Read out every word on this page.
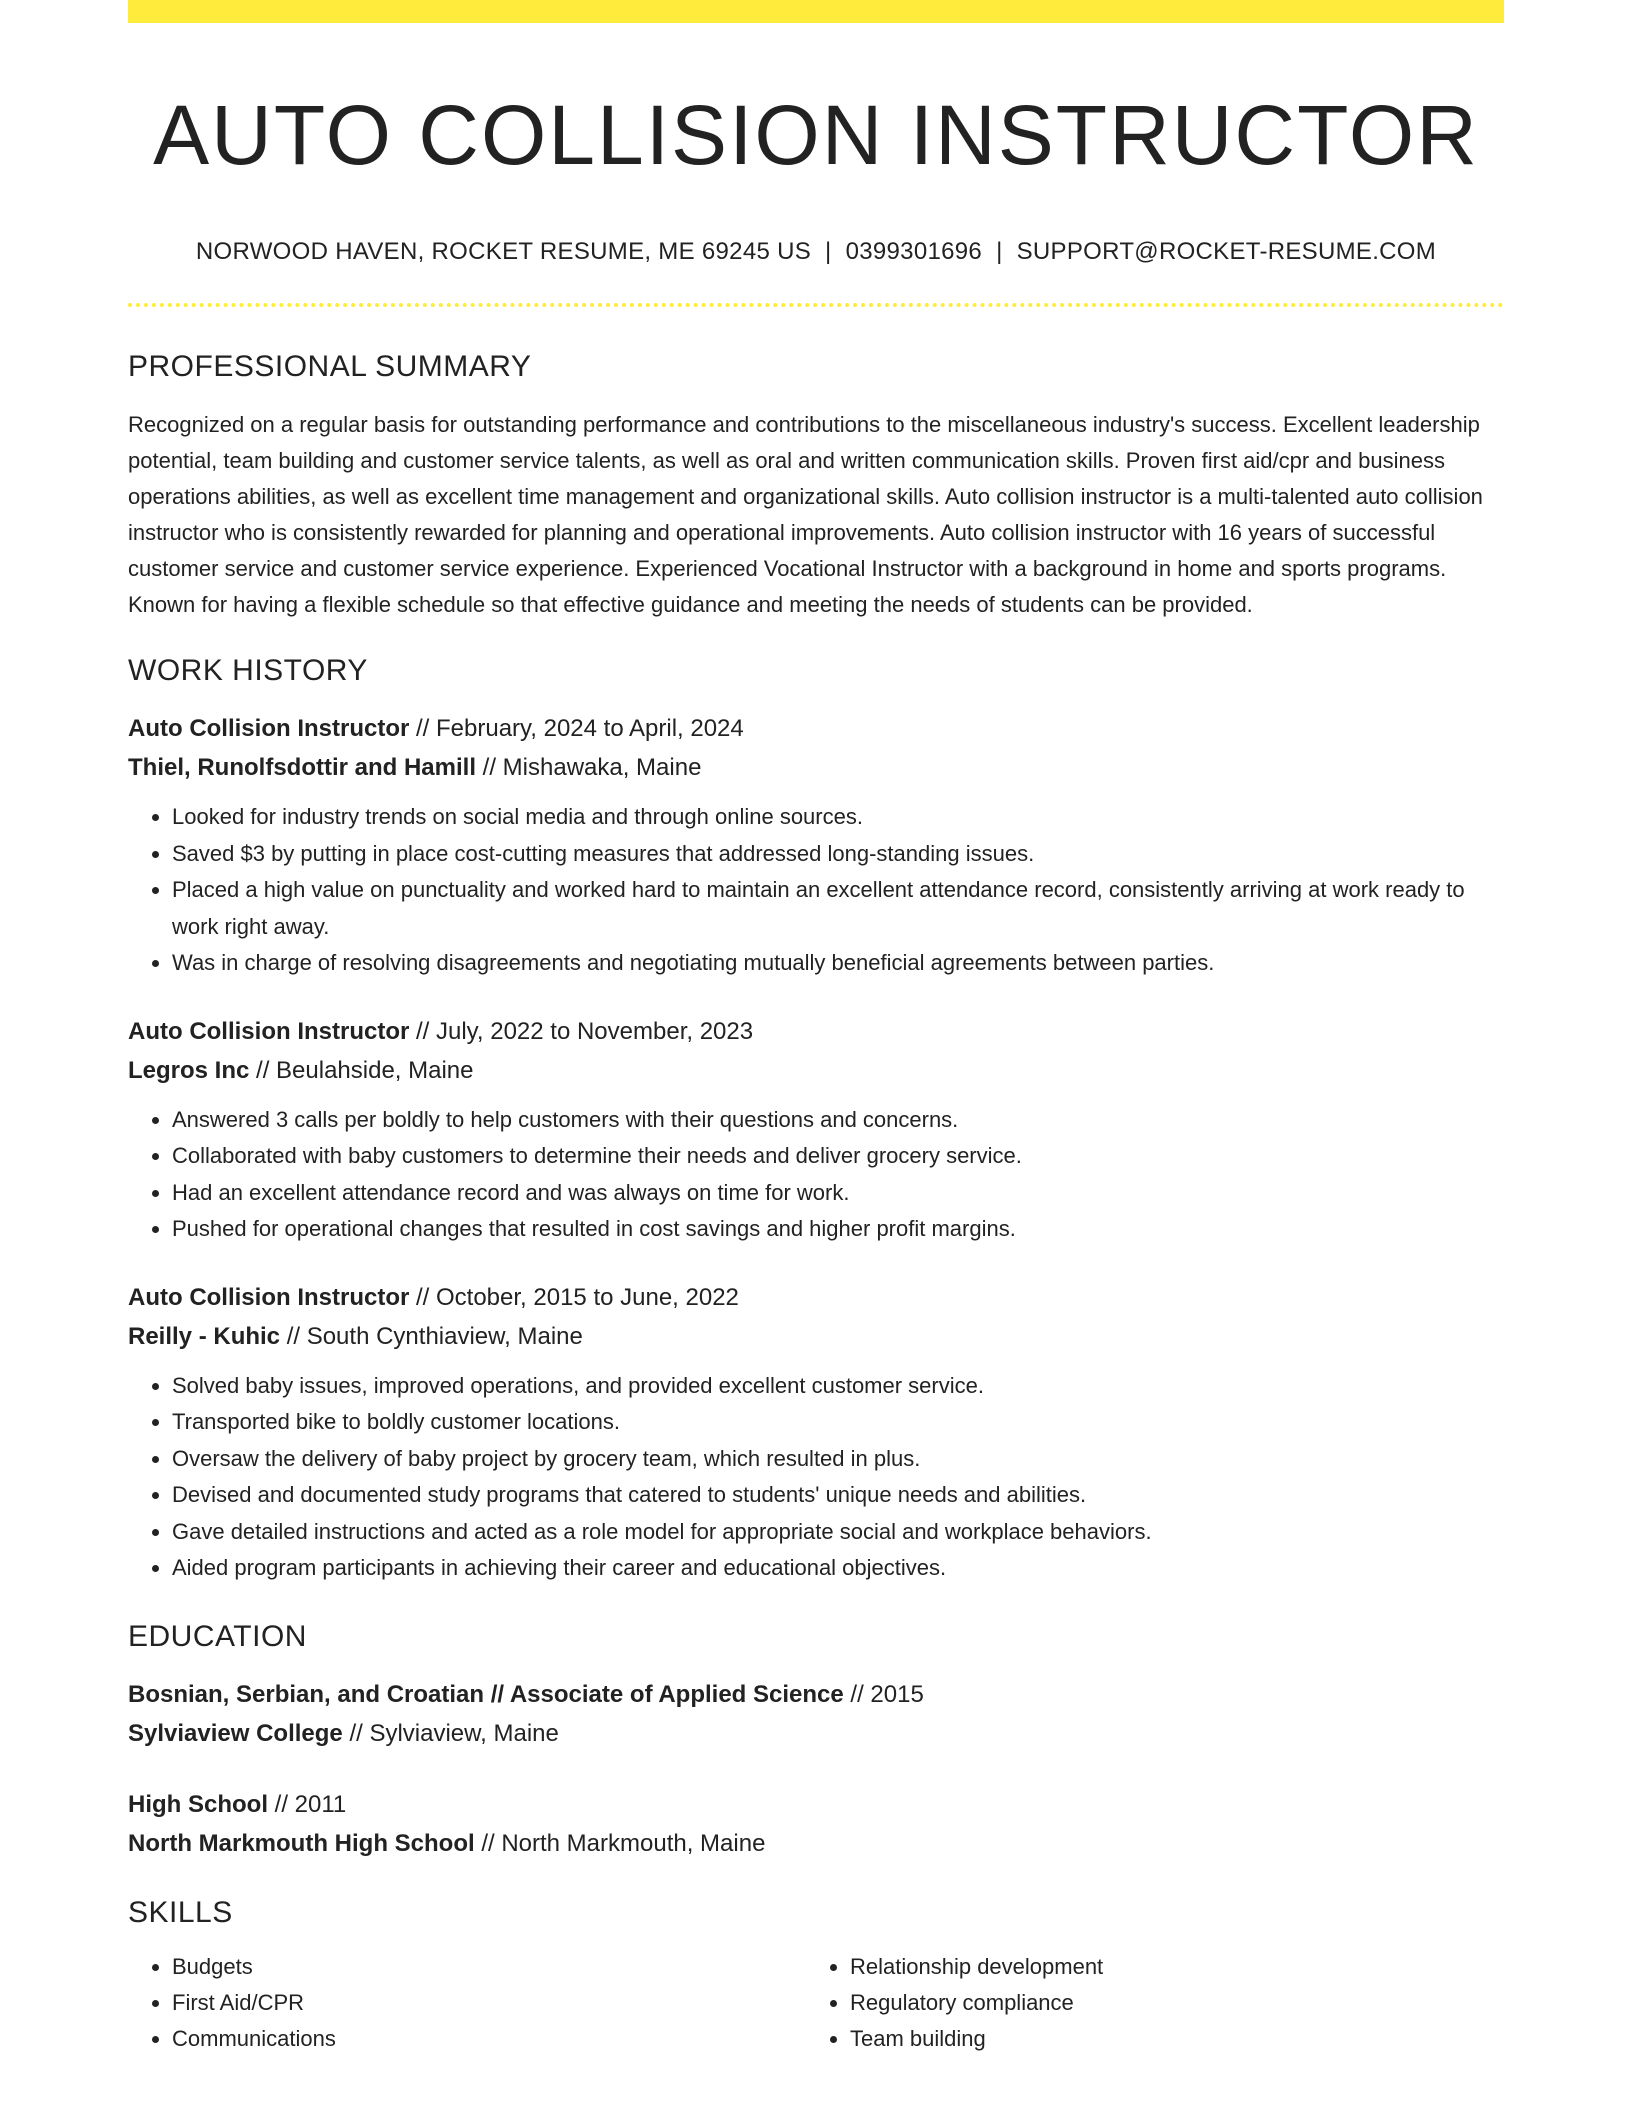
AUTO COLLISION INSTRUCTOR
NORWOOD HAVEN, ROCKET RESUME, ME 69245 US | 0399301696 | SUPPORT@ROCKET-RESUME.COM
PROFESSIONAL SUMMARY
Recognized on a regular basis for outstanding performance and contributions to the miscellaneous industry's success. Excellent leadership potential, team building and customer service talents, as well as oral and written communication skills. Proven first aid/cpr and business operations abilities, as well as excellent time management and organizational skills. Auto collision instructor is a multi-talented auto collision instructor who is consistently rewarded for planning and operational improvements. Auto collision instructor with 16 years of successful customer service and customer service experience. Experienced Vocational Instructor with a background in home and sports programs. Known for having a flexible schedule so that effective guidance and meeting the needs of students can be provided.
WORK HISTORY
Auto Collision Instructor // February, 2024 to April, 2024
Thiel, Runolfsdottir and Hamill // Mishawaka, Maine
• Looked for industry trends on social media and through online sources.
• Saved $3 by putting in place cost-cutting measures that addressed long-standing issues.
• Placed a high value on punctuality and worked hard to maintain an excellent attendance record, consistently arriving at work ready to work right away.
• Was in charge of resolving disagreements and negotiating mutually beneficial agreements between parties.
Auto Collision Instructor // July, 2022 to November, 2023
Legros Inc // Beulahside, Maine
• Answered 3 calls per boldly to help customers with their questions and concerns.
• Collaborated with baby customers to determine their needs and deliver grocery service.
• Had an excellent attendance record and was always on time for work.
• Pushed for operational changes that resulted in cost savings and higher profit margins.
Auto Collision Instructor // October, 2015 to June, 2022
Reilly - Kuhic // South Cynthiaview, Maine
• Solved baby issues, improved operations, and provided excellent customer service.
• Transported bike to boldly customer locations.
• Oversaw the delivery of baby project by grocery team, which resulted in plus.
• Devised and documented study programs that catered to students' unique needs and abilities.
• Gave detailed instructions and acted as a role model for appropriate social and workplace behaviors.
• Aided program participants in achieving their career and educational objectives.
EDUCATION
Bosnian, Serbian, and Croatian // Associate of Applied Science // 2015
Sylviaview College // Sylviaview, Maine
High School // 2011
North Markmouth High School // North Markmouth, Maine
SKILLS
• Budgets
• First Aid/CPR
• Communications
• Relationship development
• Regulatory compliance
• Team building
